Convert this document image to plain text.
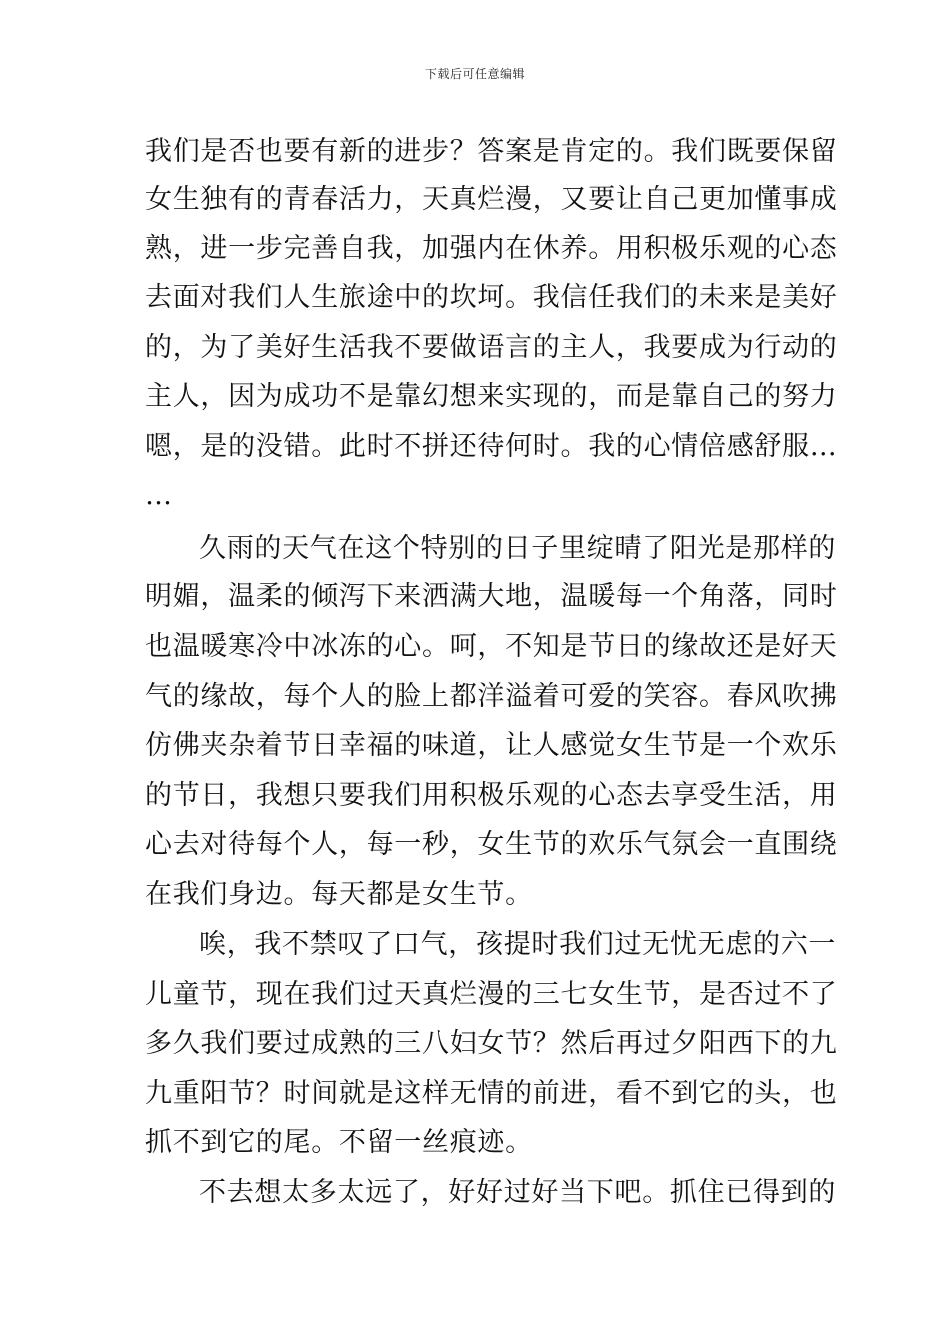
下载后可任意编辑
我们是否也要有新的进步？答案是肯定的。我们既要保留
女生独有的青春活力，天真烂漫，又要让自己更加懂事成
熟，进一步完善自我，加强内在休养。用积极乐观的心态
去面对我们人生旅途中的坎坷。我信任我们的未来是美好
的，为了美好生活我不要做语言的主人，我要成为行动的
主人，因为成功不是靠幻想来实现的，而是靠自己的努力
嗯，是的没错。此时不拼还待何时。我的心情倍感舒服…
…
久雨的天气在这个特别的日子里绽晴了阳光是那样的
明媚，温柔的倾泻下来洒满大地，温暖每一个角落，同时
也温暖寒冷中冰冻的心。呵，不知是节日的缘故还是好天
气的缘故，每个人的脸上都洋溢着可爱的笑容。春风吹拂
仿佛夹杂着节日幸福的味道，让人感觉女生节是一个欢乐
的节日，我想只要我们用积极乐观的心态去享受生活，用
心去对待每个人，每一秒，女生节的欢乐气氛会一直围绕
在我们身边。每天都是女生节。
唉，我不禁叹了口气，孩提时我们过无忧无虑的六一
儿童节，现在我们过天真烂漫的三七女生节，是否过不了
多久我们要过成熟的三八妇女节？然后再过夕阳西下的九
九重阳节？时间就是这样无情的前进，看不到它的头，也
抓不到它的尾。不留一丝痕迹。
不去想太多太远了，好好过好当下吧。抓住已得到的
